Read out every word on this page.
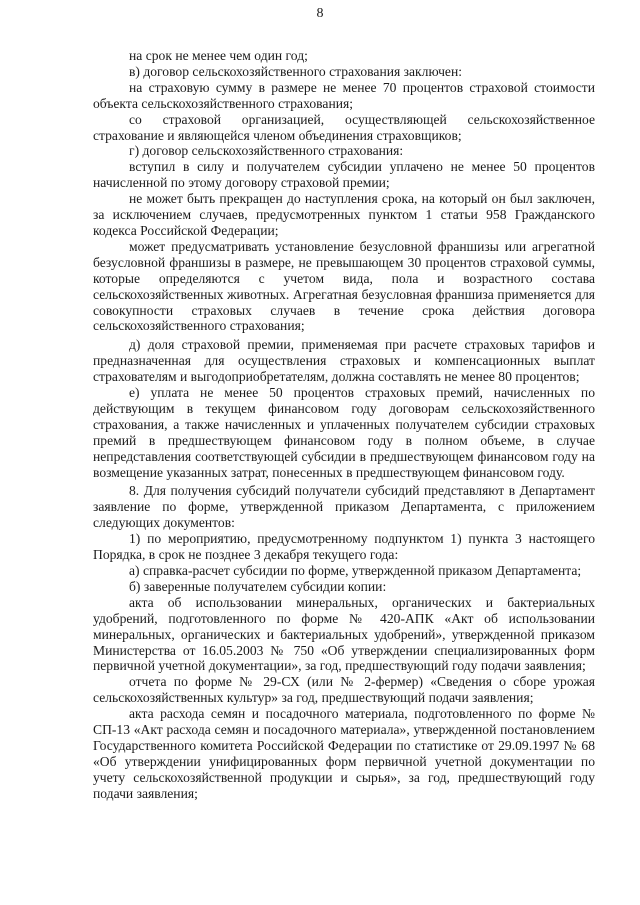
8

на срок не менее чем один год;

в) договор сельскохозяйственного страхования заключен:

на страховую сумму в размере не менее 70 процентов страховой стоимости объекта сельскохозяйственного страхования;

со страховой организацией, осуществляющей сельскохозяйственное страхование и являющейся членом объединения страховщиков;

г) договор сельскохозяйственного страхования:

вступил в силу и получателем субсидии уплачено не менее 50 процентов начисленной по этому договору страховой премии;

не может быть прекращен до наступления срока, на который он был заключен, за исключением случаев, предусмотренных пунктом 1 статьи 958 Гражданского кодекса Российской Федерации;

может предусматривать установление безусловной франшизы или агрегатной безусловной франшизы в размере, не превышающем 30 процентов страховой суммы, которые определяются с учетом вида, пола и возрастного состава сельскохозяйственных животных. Агрегатная безусловная франшиза применяется для совокупности страховых случаев в течение срока действия договора сельскохозяйственного страхования;

д) доля страховой премии, применяемая при расчете страховых тарифов и предназначенная для осуществления страховых и компенсационных выплат страхователям и выгодоприобретателям, должна составлять не менее 80 процентов;

е) уплата не менее 50 процентов страховых премий, начисленных по действующим в текущем финансовом году договорам сельскохозяйственного страхования, а также начисленных и уплаченных получателем субсидии страховых премий в предшествующем финансовом году в полном объеме, в случае непредставления соответствующей субсидии в предшествующем финансовом году на возмещение указанных затрат, понесенных в предшествующем финансовом году.

8. Для получения субсидий получатели субсидий представляют в Департамент заявление по форме, утвержденной приказом Департамента, с приложением следующих документов:

1) по мероприятию, предусмотренному подпунктом 1) пункта 3 настоящего Порядка, в срок не позднее 3 декабря текущего года:

а) справка-расчет субсидии по форме, утвержденной приказом Департамента;

б) заверенные получателем субсидии копии:

акта об использовании минеральных, органических и бактериальных удобрений, подготовленного по форме № 420-АПК «Акт об использовании минеральных, органических и бактериальных удобрений», утвержденной приказом Министерства от 16.05.2003 № 750 «Об утверждении специализированных форм первичной учетной документации», за год, предшествующий году подачи заявления;

отчета по форме № 29-СХ (или № 2-фермер) «Сведения о сборе урожая сельскохозяйственных культур» за год, предшествующий подачи заявления;

акта расхода семян и посадочного материала, подготовленного по форме № СП-13 «Акт расхода семян и посадочного материала», утвержденной постановлением Государственного комитета Российской Федерации по статистике от 29.09.1997 № 68 «Об утверждении унифицированных форм первичной учетной документации по учету сельскохозяйственной продукции и сырья», за год, предшествующий году подачи заявления;
